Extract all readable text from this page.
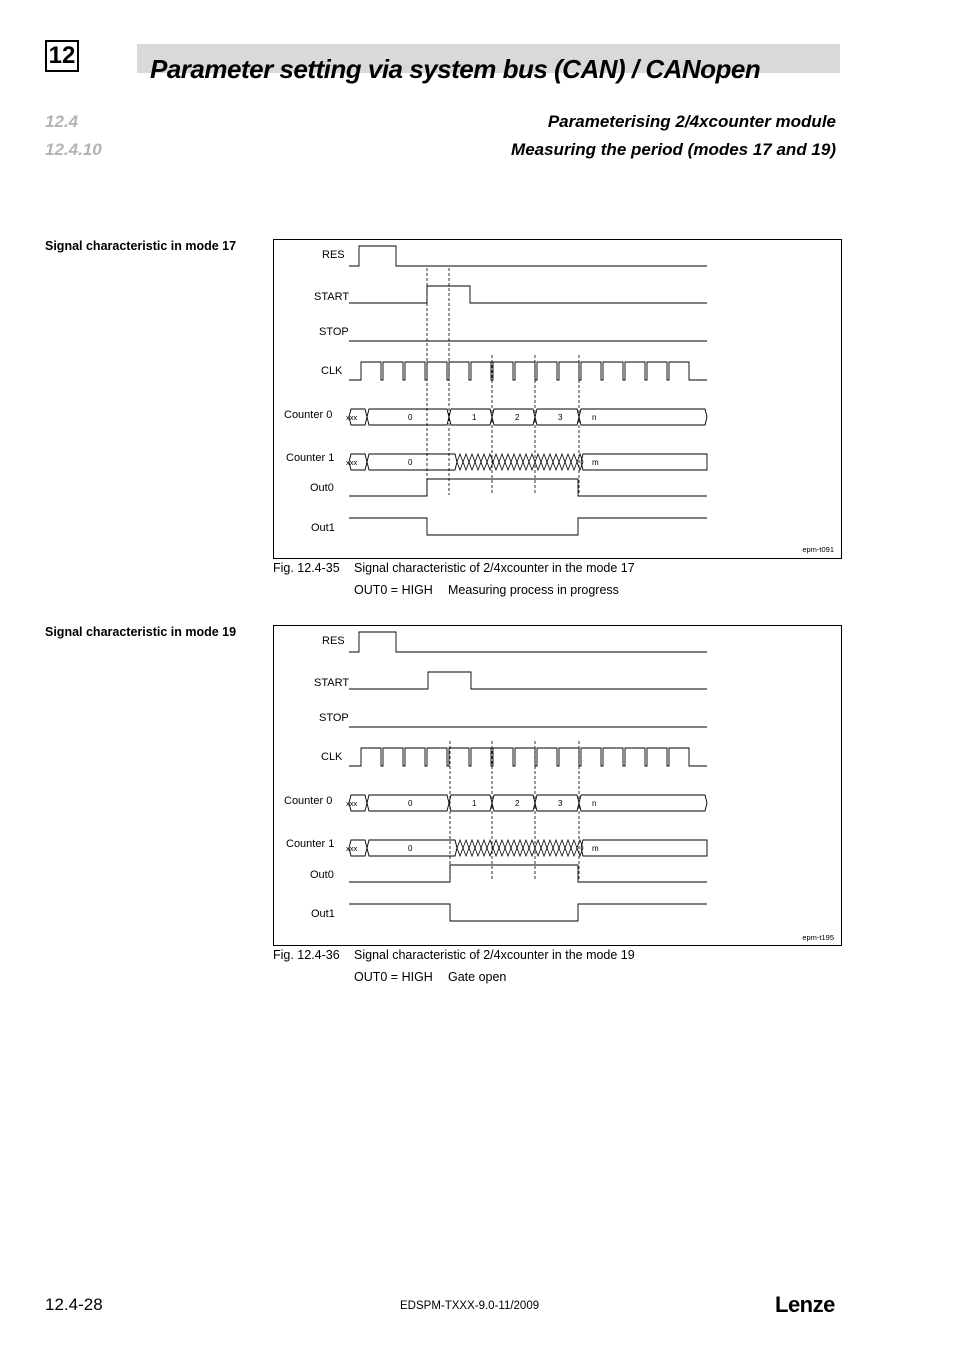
12	Parameter setting via system bus (CAN) / CANopen
12.4	Parameterising 2/4xcounter module
12.4.10	Measuring the period (modes 17 and 19)
Signal characteristic in mode 17
RES
START
STOP
CLK
Counter 0
Counter 1
Out0
Out1
xxx	0	1	2	3	n
xxx	0	m
epm-t091
Fig. 12.4-35 Signal characteristic of 2/4xcounter in the mode 17
OUT0 = HIGH Measuring process in progress
Signal characteristic in mode 19
RES
START
STOP
CLK
Counter 0
Counter 1
Out0
Out1
xxx	0	1	2	3	n
xxx	0	m
epm-t195
Fig. 12.4-36 Signal characteristic of 2/4xcounter in the mode 19
OUT0 = HIGH Gate open
12.4-28	EDSPM-TXXX-9.0-11/2009	Lenze
